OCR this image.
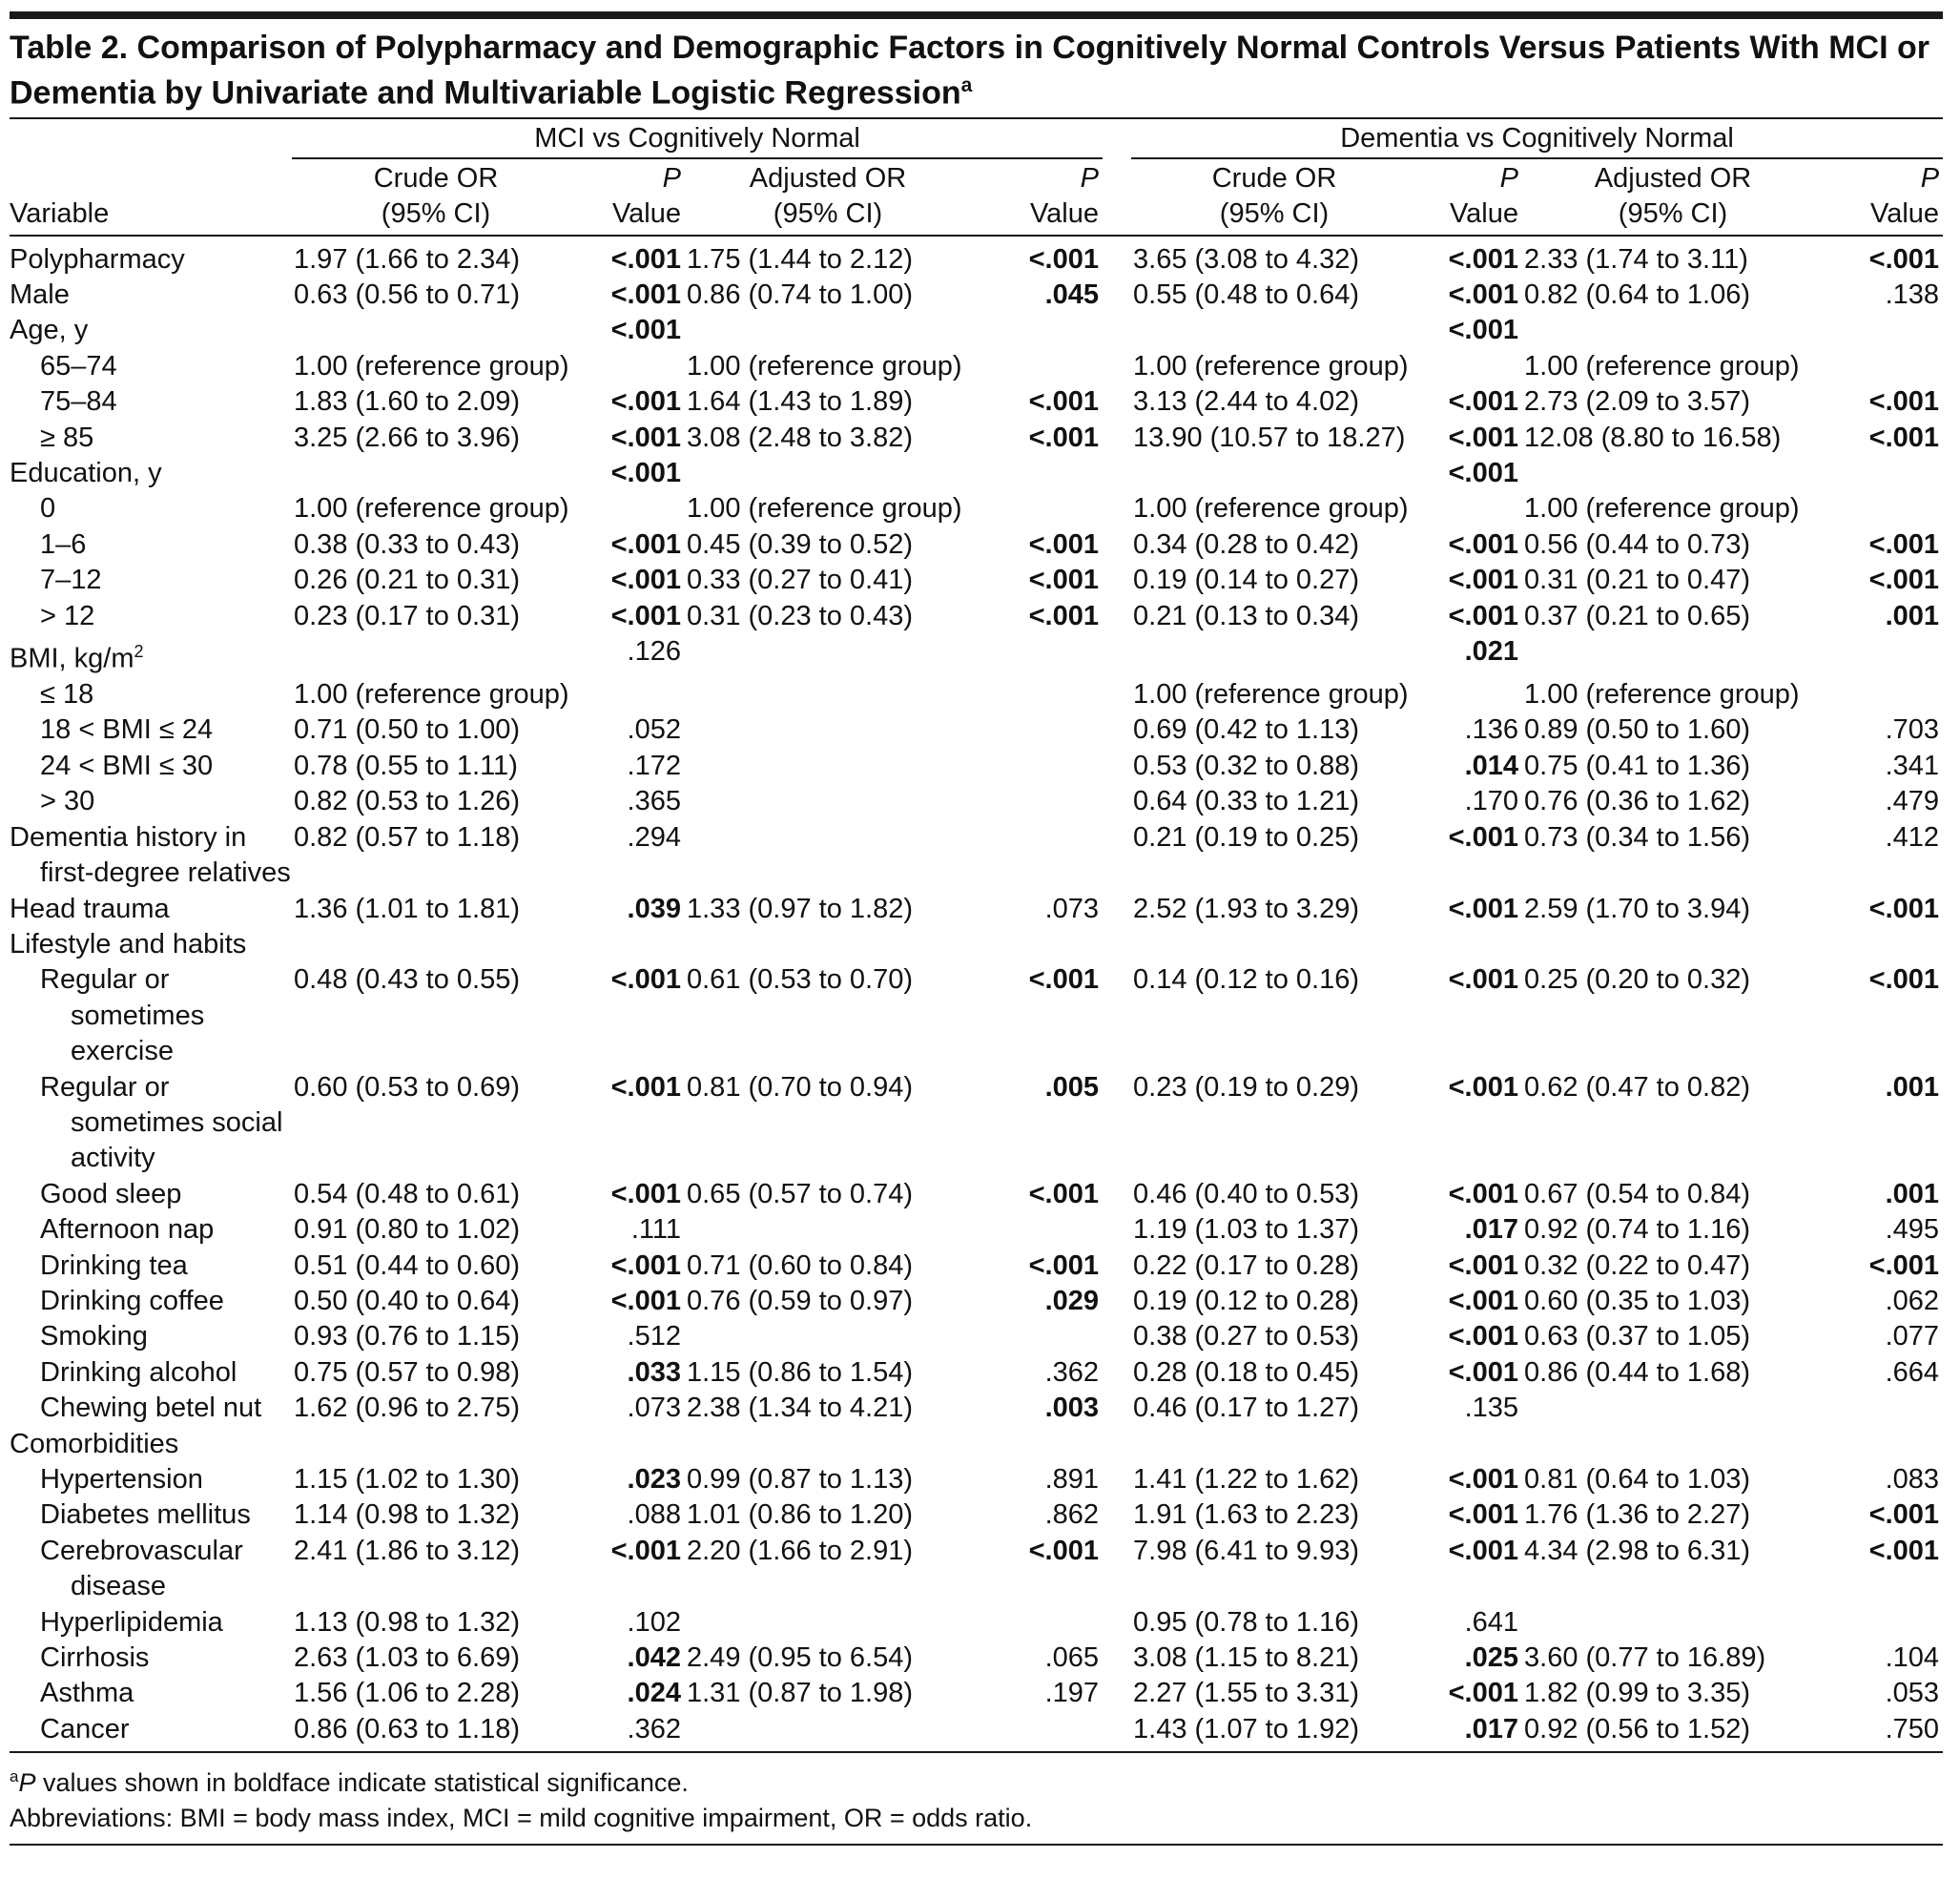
Table 2. Comparison of Polypharmacy and Demographic Factors in Cognitively Normal Controls Versus Patients With MCI or Dementia by Univariate and Multivariable Logistic Regression$^a$
	MCI vs Cognitively Normal					Dementia vs Cognitively Normal			
	Crude OR	P	Adjusted OR	P		Crude OR	P	Adjusted OR	P
Variable	(95% CI)	Value	(95% CI)	Value		(95% CI)	Value	(95% CI)	Value
Polypharmacy	1.97 (1.66 to 2.34)	<.001	1.75 (1.44 to 2.12)	<.001		3.65 (3.08 to 4.32)	<.001	2.33 (1.74 to 3.11)	<.001
Male	0.63 (0.56 to 0.71)	<.001	0.86 (0.74 to 1.00)	.045		0.55 (0.48 to 0.64)	<.001	0.82 (0.64 to 1.06)	.138
Age, y		<.001					<.001		
65–74	1.00 (reference group)		1.00 (reference group)			1.00 (reference group)		1.00 (reference group)	
75–84	1.83 (1.60 to 2.09)	<.001	1.64 (1.43 to 1.89)	<.001		3.13 (2.44 to 4.02)	<.001	2.73 (2.09 to 3.57)	<.001
≥ 85	3.25 (2.66 to 3.96)	<.001	3.08 (2.48 to 3.82)	<.001		13.90 (10.57 to 18.27)	<.001	12.08 (8.80 to 16.58)	<.001
Education, y		<.001					<.001		
0	1.00 (reference group)		1.00 (reference group)			1.00 (reference group)		1.00 (reference group)	
1–6	0.38 (0.33 to 0.43)	<.001	0.45 (0.39 to 0.52)	<.001		0.34 (0.28 to 0.42)	<.001	0.56 (0.44 to 0.73)	<.001
7–12	0.26 (0.21 to 0.31)	<.001	0.33 (0.27 to 0.41)	<.001		0.19 (0.14 to 0.27)	<.001	0.31 (0.21 to 0.47)	<.001
> 12	0.23 (0.17 to 0.31)	<.001	0.31 (0.23 to 0.43)	<.001		0.21 (0.13 to 0.34)	<.001	0.37 (0.21 to 0.65)	.001
BMI, $kg/m^2$		.126					.021		
≤ 18	1.00 (reference group)					1.00 (reference group)		1.00 (reference group)	
18 < BMI ≤ 24	0.71 (0.50 to 1.00)	.052				0.69 (0.42 to 1.13)	.136	0.89 (0.50 to 1.60)	.703
24 < BMI ≤ 30	0.78 (0.55 to 1.11)	.172				0.53 (0.32 to 0.88)	.014	0.75 (0.41 to 1.36)	.341
> 30	0.82 (0.53 to 1.26)	.365				0.64 (0.33 to 1.21)	.170	0.76 (0.36 to 1.62)	.479

Dementia history in first-degree relatives	0.82 (0.57 to 1.18)	.294				0.21 (0.19 to 0.25)	<.001	0.73 (0.34 to 1.56)	.412
Head trauma	1.36 (1.01 to 1.81)	.039	1.33 (0.97 to 1.82)	.073		2.52 (1.93 to 3.29)	<.001	2.59 (1.70 to 3.94)	<.001
Lifestyle and habits									

Regular or sometimes exercise	0.48 (0.43 to 0.55)	<.001	0.61 (0.53 to 0.70)	<.001		0.14 (0.12 to 0.16)	<.001	0.25 (0.20 to 0.32)	<.001

Regular or sometimes social activity	0.60 (0.53 to 0.69)	<.001	0.81 (0.70 to 0.94)	.005		0.23 (0.19 to 0.29)	<.001	0.62 (0.47 to 0.82)	.001
Good sleep	0.54 (0.48 to 0.61)	<.001	0.65 (0.57 to 0.74)	<.001		0.46 (0.40 to 0.53)	<.001	0.67 (0.54 to 0.84)	.001
Afternoon nap	0.91 (0.80 to 1.02)	.111				1.19 (1.03 to 1.37)	.017	0.92 (0.74 to 1.16)	.495
Drinking tea	0.51 (0.44 to 0.60)	<.001	0.71 (0.60 to 0.84)	<.001		0.22 (0.17 to 0.28)	<.001	0.32 (0.22 to 0.47)	<.001
Drinking coffee	0.50 (0.40 to 0.64)	<.001	0.76 (0.59 to 0.97)	.029		0.19 (0.12 to 0.28)	<.001	0.60 (0.35 to 1.03)	.062
Smoking	0.93 (0.76 to 1.15)	.512				0.38 (0.27 to 0.53)	<.001	0.63 (0.37 to 1.05)	.077
Drinking alcohol	0.75 (0.57 to 0.98)	.033	1.15 (0.86 to 1.54)	.362		0.28 (0.18 to 0.45)	<.001	0.86 (0.44 to 1.68)	.664

Chewing betel nut	1.62 (0.96 to 2.75)	.073	2.38 (1.34 to 4.21)	.003		0.46 (0.17 to 1.27)	.135		
Comorbidities									
Hypertension	1.15 (1.02 to 1.30)	.023	0.99 (0.87 to 1.13)	.891		1.41 (1.22 to 1.62)	<.001	0.81 (0.64 to 1.03)	.083
Diabetes mellitus	1.14 (0.98 to 1.32)	.088	1.01 (0.86 to 1.20)	.862		1.91 (1.63 to 2.23)	<.001	1.76 (1.36 to 2.27)	<.001

Cerebrovascular disease	2.41 (1.86 to 3.12)	<.001	2.20 (1.66 to 2.91)	<.001		7.98 (6.41 to 9.93)	<.001	4.34 (2.98 to 6.31)	<.001
Hyperlipidemia	1.13 (0.98 to 1.32)	.102				0.95 (0.78 to 1.16)	.641		
Cirrhosis	2.63 (1.03 to 6.69)	.042	2.49 (0.95 to 6.54)	.065		3.08 (1.15 to 8.21)	.025	3.60 (0.77 to 16.89)	.104
Asthma	1.56 (1.06 to 2.28)	.024	1.31 (0.87 to 1.98)	.197		2.27 (1.55 to 3.31)	<.001	1.82 (0.99 to 3.35)	.053
Cancer	0.86 (0.63 to 1.18)	.362				1.43 (1.07 to 1.92)	.017	0.92 (0.56 to 1.52)	.750
$^a$P values shown in boldface indicate statistical significance.
Abbreviations: BMI = body mass index, MCI = mild cognitive impairment, OR = odds ratio.
